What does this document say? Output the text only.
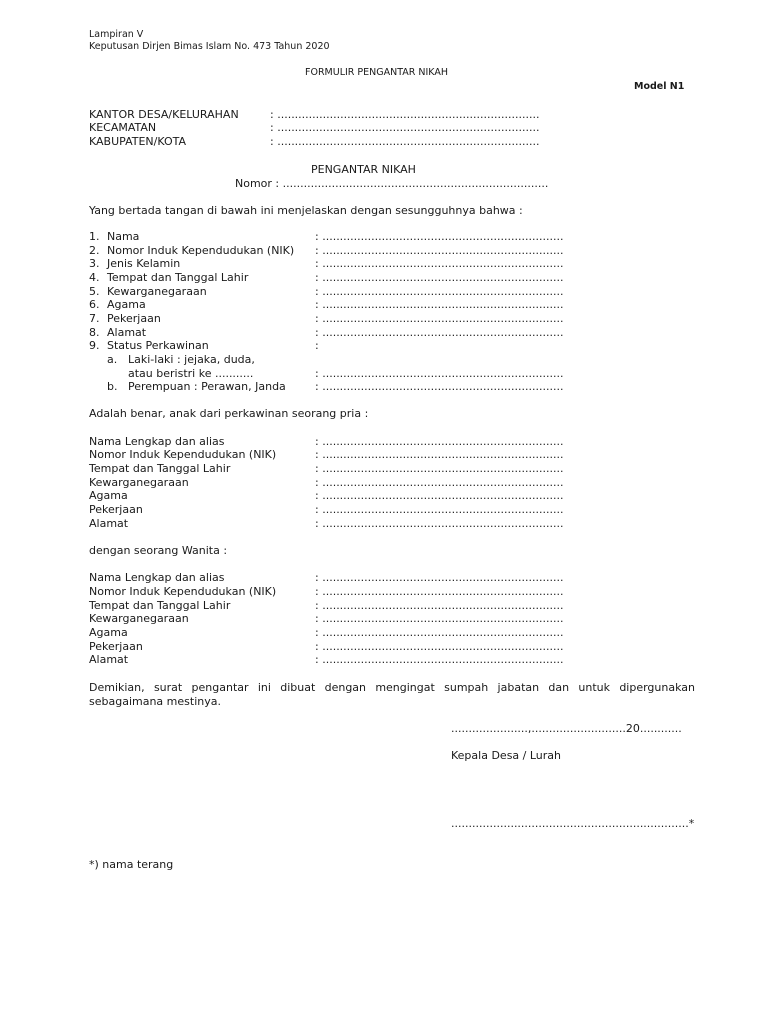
Lampiran V
Keputusan Dirjen Bimas Islam No. 473 Tahun 2020
FORMULIR PENGANTAR NIKAH
Model N1
KANTOR DESA/KELURAHAN	: ...........................................................................
KECAMATAN	: ...........................................................................
KABUPATEN/KOTA	: ...........................................................................
PENGANTAR NIKAH
Nomor : ............................................................................
Yang bertada tangan di bawah ini menjelaskan dengan sesungguhnya bahwa :
1. Nama	: .....................................................................
2. Nomor Induk Kependudukan (NIK) : .....................................................................
3. Jenis Kelamin	: .....................................................................
4. Tempat dan Tanggal Lahir	: .....................................................................
5. Kewarganegaraan	: .....................................................................
6. Agama	: .....................................................................
7. Pekerjaan	: .....................................................................
8. Alamat	: .....................................................................
9. Status Perkawinan	:
a. Laki-laki : jejaka, duda,
atau beristri ke ...........	: .....................................................................
b. Perempuan : Perawan, Janda	: .....................................................................
Adalah benar, anak dari perkawinan seorang pria :
Nama Lengkap dan alias	: .....................................................................
Nomor Induk Kependudukan (NIK)	: .....................................................................
Tempat dan Tanggal Lahir	: .....................................................................
Kewarganegaraan	: .....................................................................
Agama	: .....................................................................
Pekerjaan	: .....................................................................
Alamat	: .....................................................................
dengan seorang Wanita :
Nama Lengkap dan alias	: .....................................................................
Nomor Induk Kependudukan (NIK)	: .....................................................................
Tempat dan Tanggal Lahir	: .....................................................................
Kewarganegaraan	: .....................................................................
Agama	: .....................................................................
Pekerjaan	: .....................................................................
Alamat	: .....................................................................
Demikian, surat pengantar ini dibuat dengan mengingat sumpah jabatan dan untuk dipergunakan sebagaimana mestinya.
......................,...........................20............
Kepala Desa / Lurah
....................................................................*
*) nama terang
